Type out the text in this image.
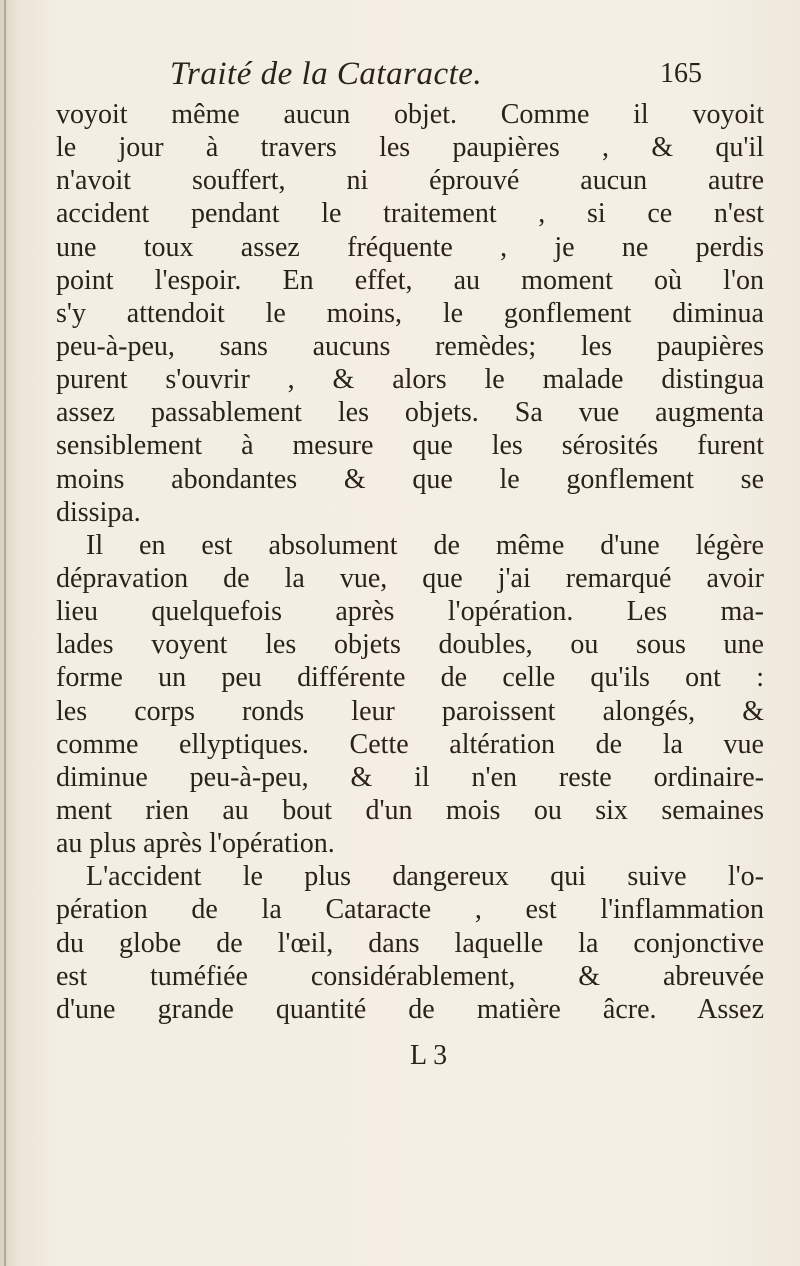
Traité de la Cataracte.	165
voyoit même aucun objet. Comme il voyoit
le jour à travers les paupières , & qu'il
n'avoit souffert, ni éprouvé aucun autre
accident pendant le traitement , si ce n'est
une toux assez fréquente , je ne perdis
point l'espoir. En effet, au moment où l'on
s'y attendoit le moins, le gonflement diminua
peu-à-peu, sans aucuns remèdes; les paupières
purent s'ouvrir , & alors le malade distingua
assez passablement les objets. Sa vue augmenta
sensiblement à mesure que les sérosités furent
moins abondantes & que le gonflement se
dissipa.
Il en est absolument de même d'une légère
dépravation de la vue, que j'ai remarqué avoir
lieu quelquefois après l'opération. Les ma-
lades voyent les objets doubles, ou sous une
forme un peu différente de celle qu'ils ont :
les corps ronds leur paroissent alongés, &
comme ellyptiques. Cette altération de la vue
diminue peu-à-peu, & il n'en reste ordinaire-
ment rien au bout d'un mois ou six semaines
au plus après l'opération.
L'accident le plus dangereux qui suive l'o-
pération de la Cataracte , est l'inflammation
du globe de l'œil, dans laquelle la conjonctive
est tuméfiée considérablement, & abreuvée
d'une grande quantité de matière âcre. Assez
L 3
